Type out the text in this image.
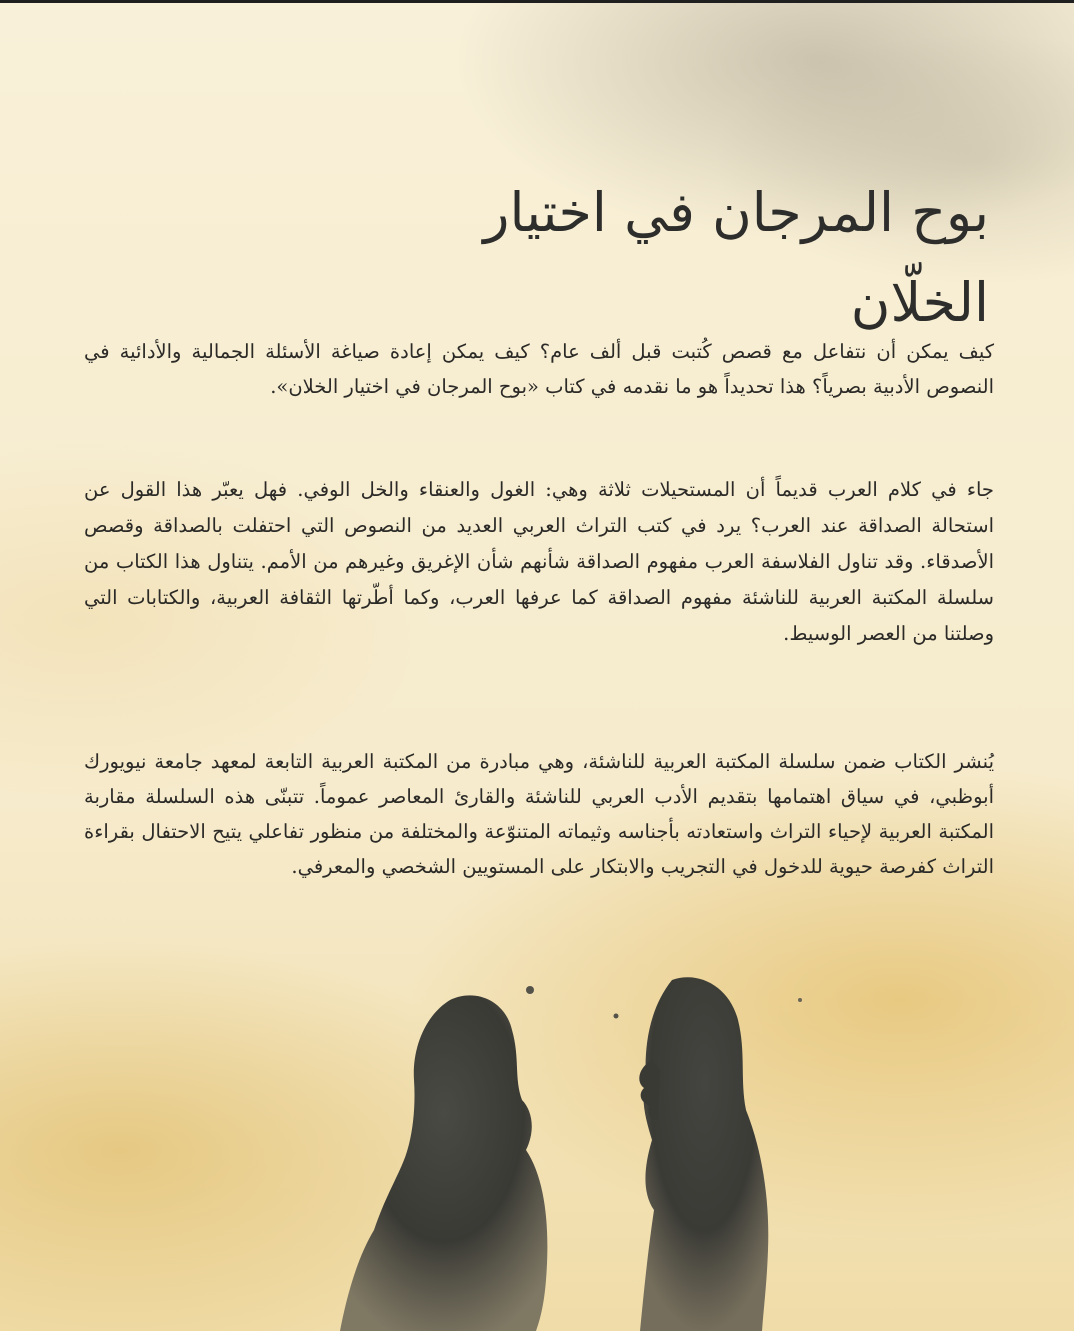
بوح المرجان في اختيار الخلّان

كيف يمكن أن نتفاعل مع قصص كُتبت قبل ألف عام؟ كيف يمكن إعادة صياغة الأسئلة الجمالية والأدائية في النصوص الأدبية بصرياً؟ هذا تحديداً هو ما نقدمه في كتاب «بوح المرجان في اختيار الخلان».

جاء في كلام العرب قديماً أن المستحيلات ثلاثة وهي: الغول والعنقاء والخل الوفي. فهل يعبّر هذا القول عن استحالة الصداقة عند العرب؟ يرد في كتب التراث العربي العديد من النصوص التي احتفلت بالصداقة وقصص الأصدقاء. وقد تناول الفلاسفة العرب مفهوم الصداقة شأنهم شأن الإغريق وغيرهم من الأمم. يتناول هذا الكتاب من سلسلة المكتبة العربية للناشئة مفهوم الصداقة كما عرفها العرب، وكما أطّرتها الثقافة العربية، والكتابات التي وصلتنا من العصر الوسيط.

يُنشر الكتاب ضمن سلسلة المكتبة العربية للناشئة، وهي مبادرة من المكتبة العربية التابعة لمعهد جامعة نيويورك أبوظبي، في سياق اهتمامها بتقديم الأدب العربي للناشئة والقارئ المعاصر عموماً. تتبنّى هذه السلسلة مقاربة المكتبة العربية لإحياء التراث واستعادته بأجناسه وثيماته المتنوّعة والمختلفة من منظور تفاعلي يتيح الاحتفال بقراءة التراث كفرصة حيوية للدخول في التجريب والابتكار على المستويين الشخصي والمعرفي.
